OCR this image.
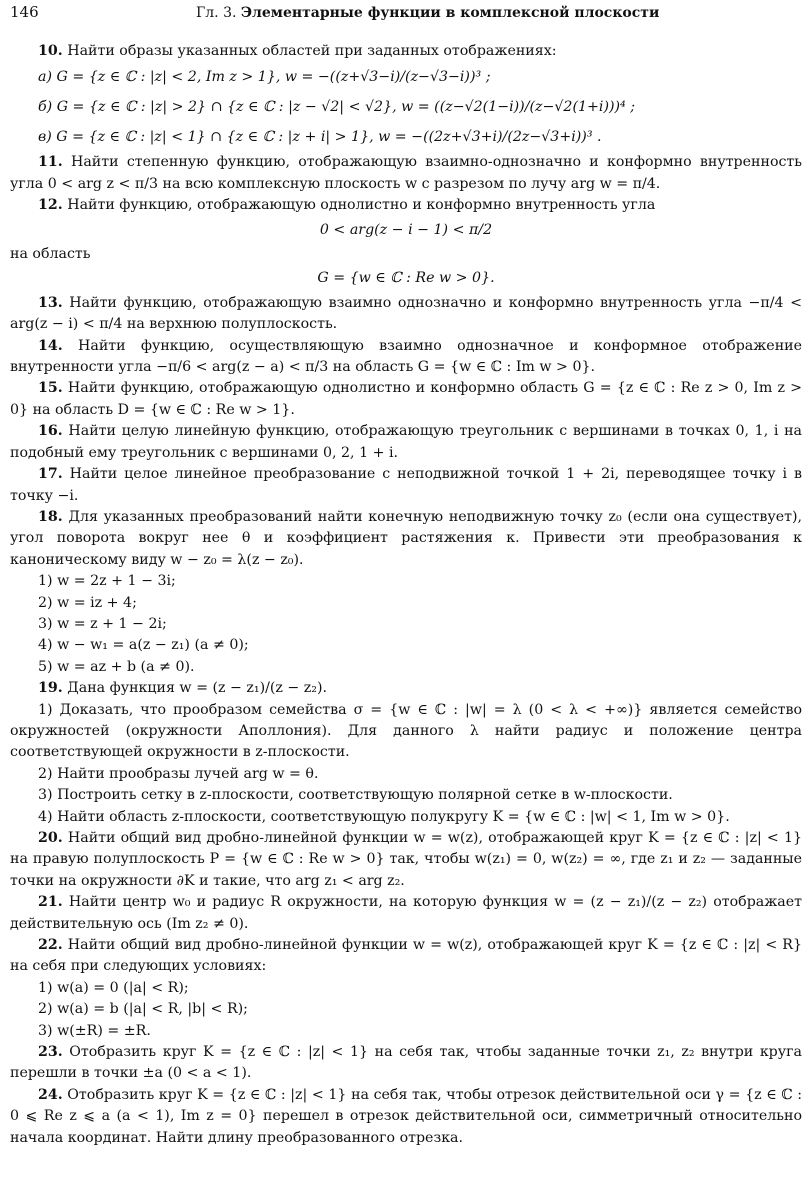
146	Гл. 3. Элементарные функции в комплексной плоскости

10. Найти образы указанных областей при заданных отображениях:

а) G = {z ∈ ℂ : |z| < 2, Im z > 1}, w = −((z+√3−i)/(z−√3−i))³ ;
б) G = {z ∈ ℂ : |z| > 2} ∩ {z ∈ ℂ : |z − √2| < √2}, w = ((z−√2(1−i))/(z−√2(1+i)))⁴ ;
в) G = {z ∈ ℂ : |z| < 1} ∩ {z ∈ ℂ : |z + i| > 1}, w = −((2z+√3+i)/(2z−√3+i))³ .

11. Найти степенную функцию, отображающую взаимно-однозначно и конформно внутренность угла 0 < arg z < π/3 на всю комплексную плоскость w с разрезом по лучу arg w = π/4.

12. Найти функцию, отображающую однолистно и конформно внутренность угла

0 < arg(z − i − 1) < π/2

на область

G = {w ∈ ℂ : Re w > 0}.

13. Найти функцию, отображающую взаимно однозначно и конформно внутренность угла −π/4 < arg(z − i) < π/4 на верхнюю полуплоскость.

14. Найти функцию, осуществляющую взаимно однозначное и конформное отображение внутренности угла −π/6 < arg(z − a) < π/3 на область G = {w ∈ ℂ : Im w > 0}.

15. Найти функцию, отображающую однолистно и конформно область G = {z ∈ ℂ : Re z > 0, Im z > 0} на область D = {w ∈ ℂ : Re w > 1}.

16. Найти целую линейную функцию, отображающую треугольник с вершинами в точках 0, 1, i на подобный ему треугольник с вершинами 0, 2, 1 + i.

17. Найти целое линейное преобразование с неподвижной точкой 1 + 2i, переводящее точку i в точку −i.

18. Для указанных преобразований найти конечную неподвижную точку z₀ (если она существует), угол поворота вокруг нее θ и коэффициент растяжения κ. Привести эти преобразования к каноническому виду w − z₀ = λ(z − z₀).

1) w = 2z + 1 − 3i;

2) w = iz + 4;

3) w = z + 1 − 2i;

4) w − w₁ = a(z − z₁) (a ≠ 0);

5) w = az + b (a ≠ 0).

19. Дана функция w = (z − z₁)/(z − z₂).

1) Доказать, что прообразом семейства σ = {w ∈ ℂ : |w| = λ (0 < λ < +∞)} является семейство окружностей (окружности Аполлония). Для данного λ найти радиус и положение центра соответствующей окружности в z-плоскости.

2) Найти прообразы лучей arg w = θ.

3) Построить сетку в z-плоскости, соответствующую полярной сетке в w-плоскости.

4) Найти область z-плоскости, соответствующую полукругу K = {w ∈ ℂ : |w| < 1, Im w > 0}.

20. Найти общий вид дробно-линейной функции w = w(z), отображающей круг K = {z ∈ ℂ : |z| < 1} на правую полуплоскость P = {w ∈ ℂ : Re w > 0} так, чтобы w(z₁) = 0, w(z₂) = ∞, где z₁ и z₂ — заданные точки на окружности ∂K и такие, что arg z₁ < arg z₂.

21. Найти центр w₀ и радиус R окружности, на которую функция w = (z − z₁)/(z − z₂) отображает действительную ось (Im z₂ ≠ 0).

22. Найти общий вид дробно-линейной функции w = w(z), отображающей круг K = {z ∈ ℂ : |z| < R} на себя при следующих условиях:

1) w(a) = 0 (|a| < R);

2) w(a) = b (|a| < R, |b| < R);

3) w(±R) = ±R.

23. Отобразить круг K = {z ∈ ℂ : |z| < 1} на себя так, чтобы заданные точки z₁, z₂ внутри круга перешли в точки ±a (0 < a < 1).

24. Отобразить круг K = {z ∈ ℂ : |z| < 1} на себя так, чтобы отрезок действительной оси γ = {z ∈ ℂ : 0 ⩽ Re z ⩽ a (a < 1), Im z = 0} перешел в отрезок действительной оси, симметричный относительно начала координат. Найти длину преобразованного отрезка.
